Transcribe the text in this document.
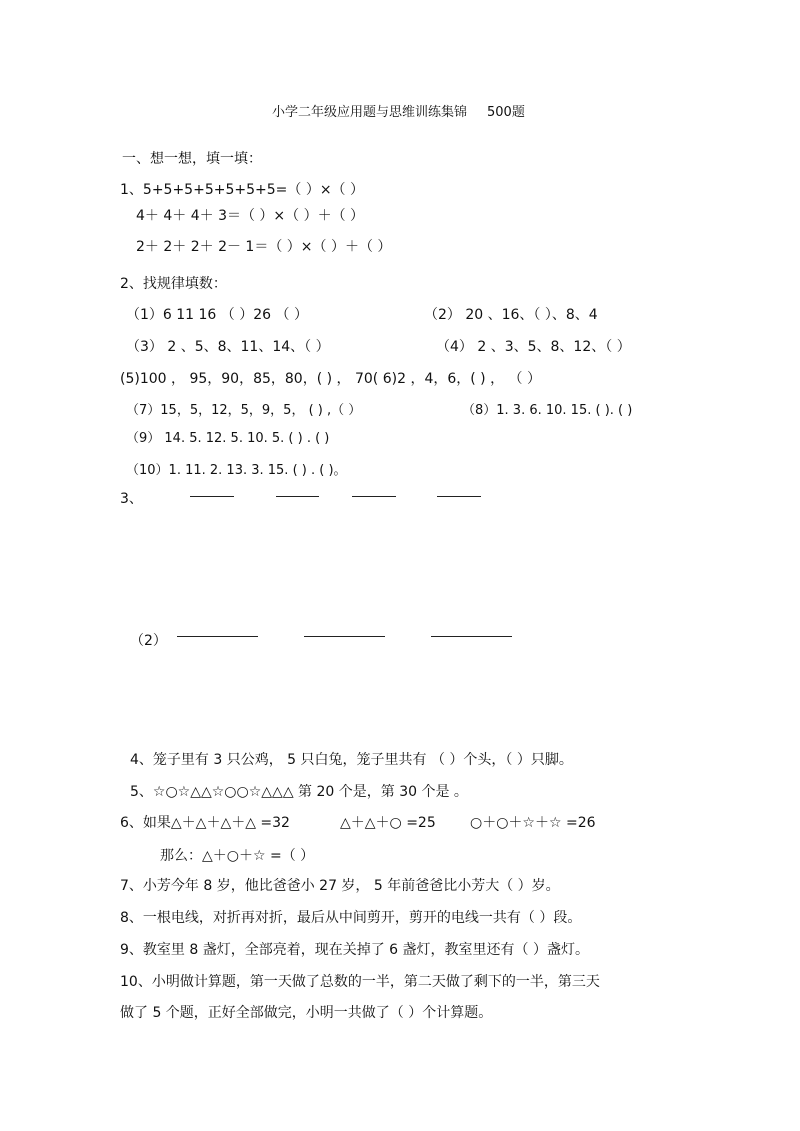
小学二年级应用题与思维训练集锦 500题
一、想一想，填一填：
1、5+5+5+5+5+5+5=（ ）×（ ）
4＋ 4＋ 4＋ 3＝（ ）×（ ）＋（ ）
2＋ 2＋ 2＋ 2－ 1＝（ ）×（ ）＋（ ）
2、找规律填数：
（1）6 11 16 （ ）26 （ ）	（2） 20 、16、（ ）、8、4
（3） 2 、5、8、11、14、（ ）	（4） 2 、3、5、8、12、（ ）
(5)100 ， 95，90，85，80，( ) ， 70( 6)2 ，4，6，( ) ， （ ）
（7）15，5，12，5，9，5， ( ) ,（ ）	（8）1. 3. 6. 10. 15. ( ). ( )
（9） 14. 5. 12. 5. 10. 5. ( ) . ( )
（10）1. 11. 2. 13. 3. 15. ( ) . ( )。
3、
（2）
4、笼子里有 3 只公鸡， 5 只白兔，笼子里共有 （ ）个头，（ ）只脚。
5、☆○☆△△☆○○☆△△△ 第 20 个是，第 30 个是 。
6、如果△＋△＋△＋△ =32	△＋△＋○ =25 ○＋○＋☆＋☆ =26
那么：△＋○＋☆ =（ ）
7、小芳今年 8 岁，他比爸爸小 27 岁， 5 年前爸爸比小芳大（ ）岁。
8、一根电线，对折再对折，最后从中间剪开，剪开的电线一共有（ ）段。
9、教室里 8 盏灯，全部亮着，现在关掉了 6 盏灯，教室里还有（ ）盏灯。
10、小明做计算题，第一天做了总数的一半，第二天做了剩下的一半，第三天
做了 5 个题，正好全部做完，小明一共做了（ ）个计算题。
